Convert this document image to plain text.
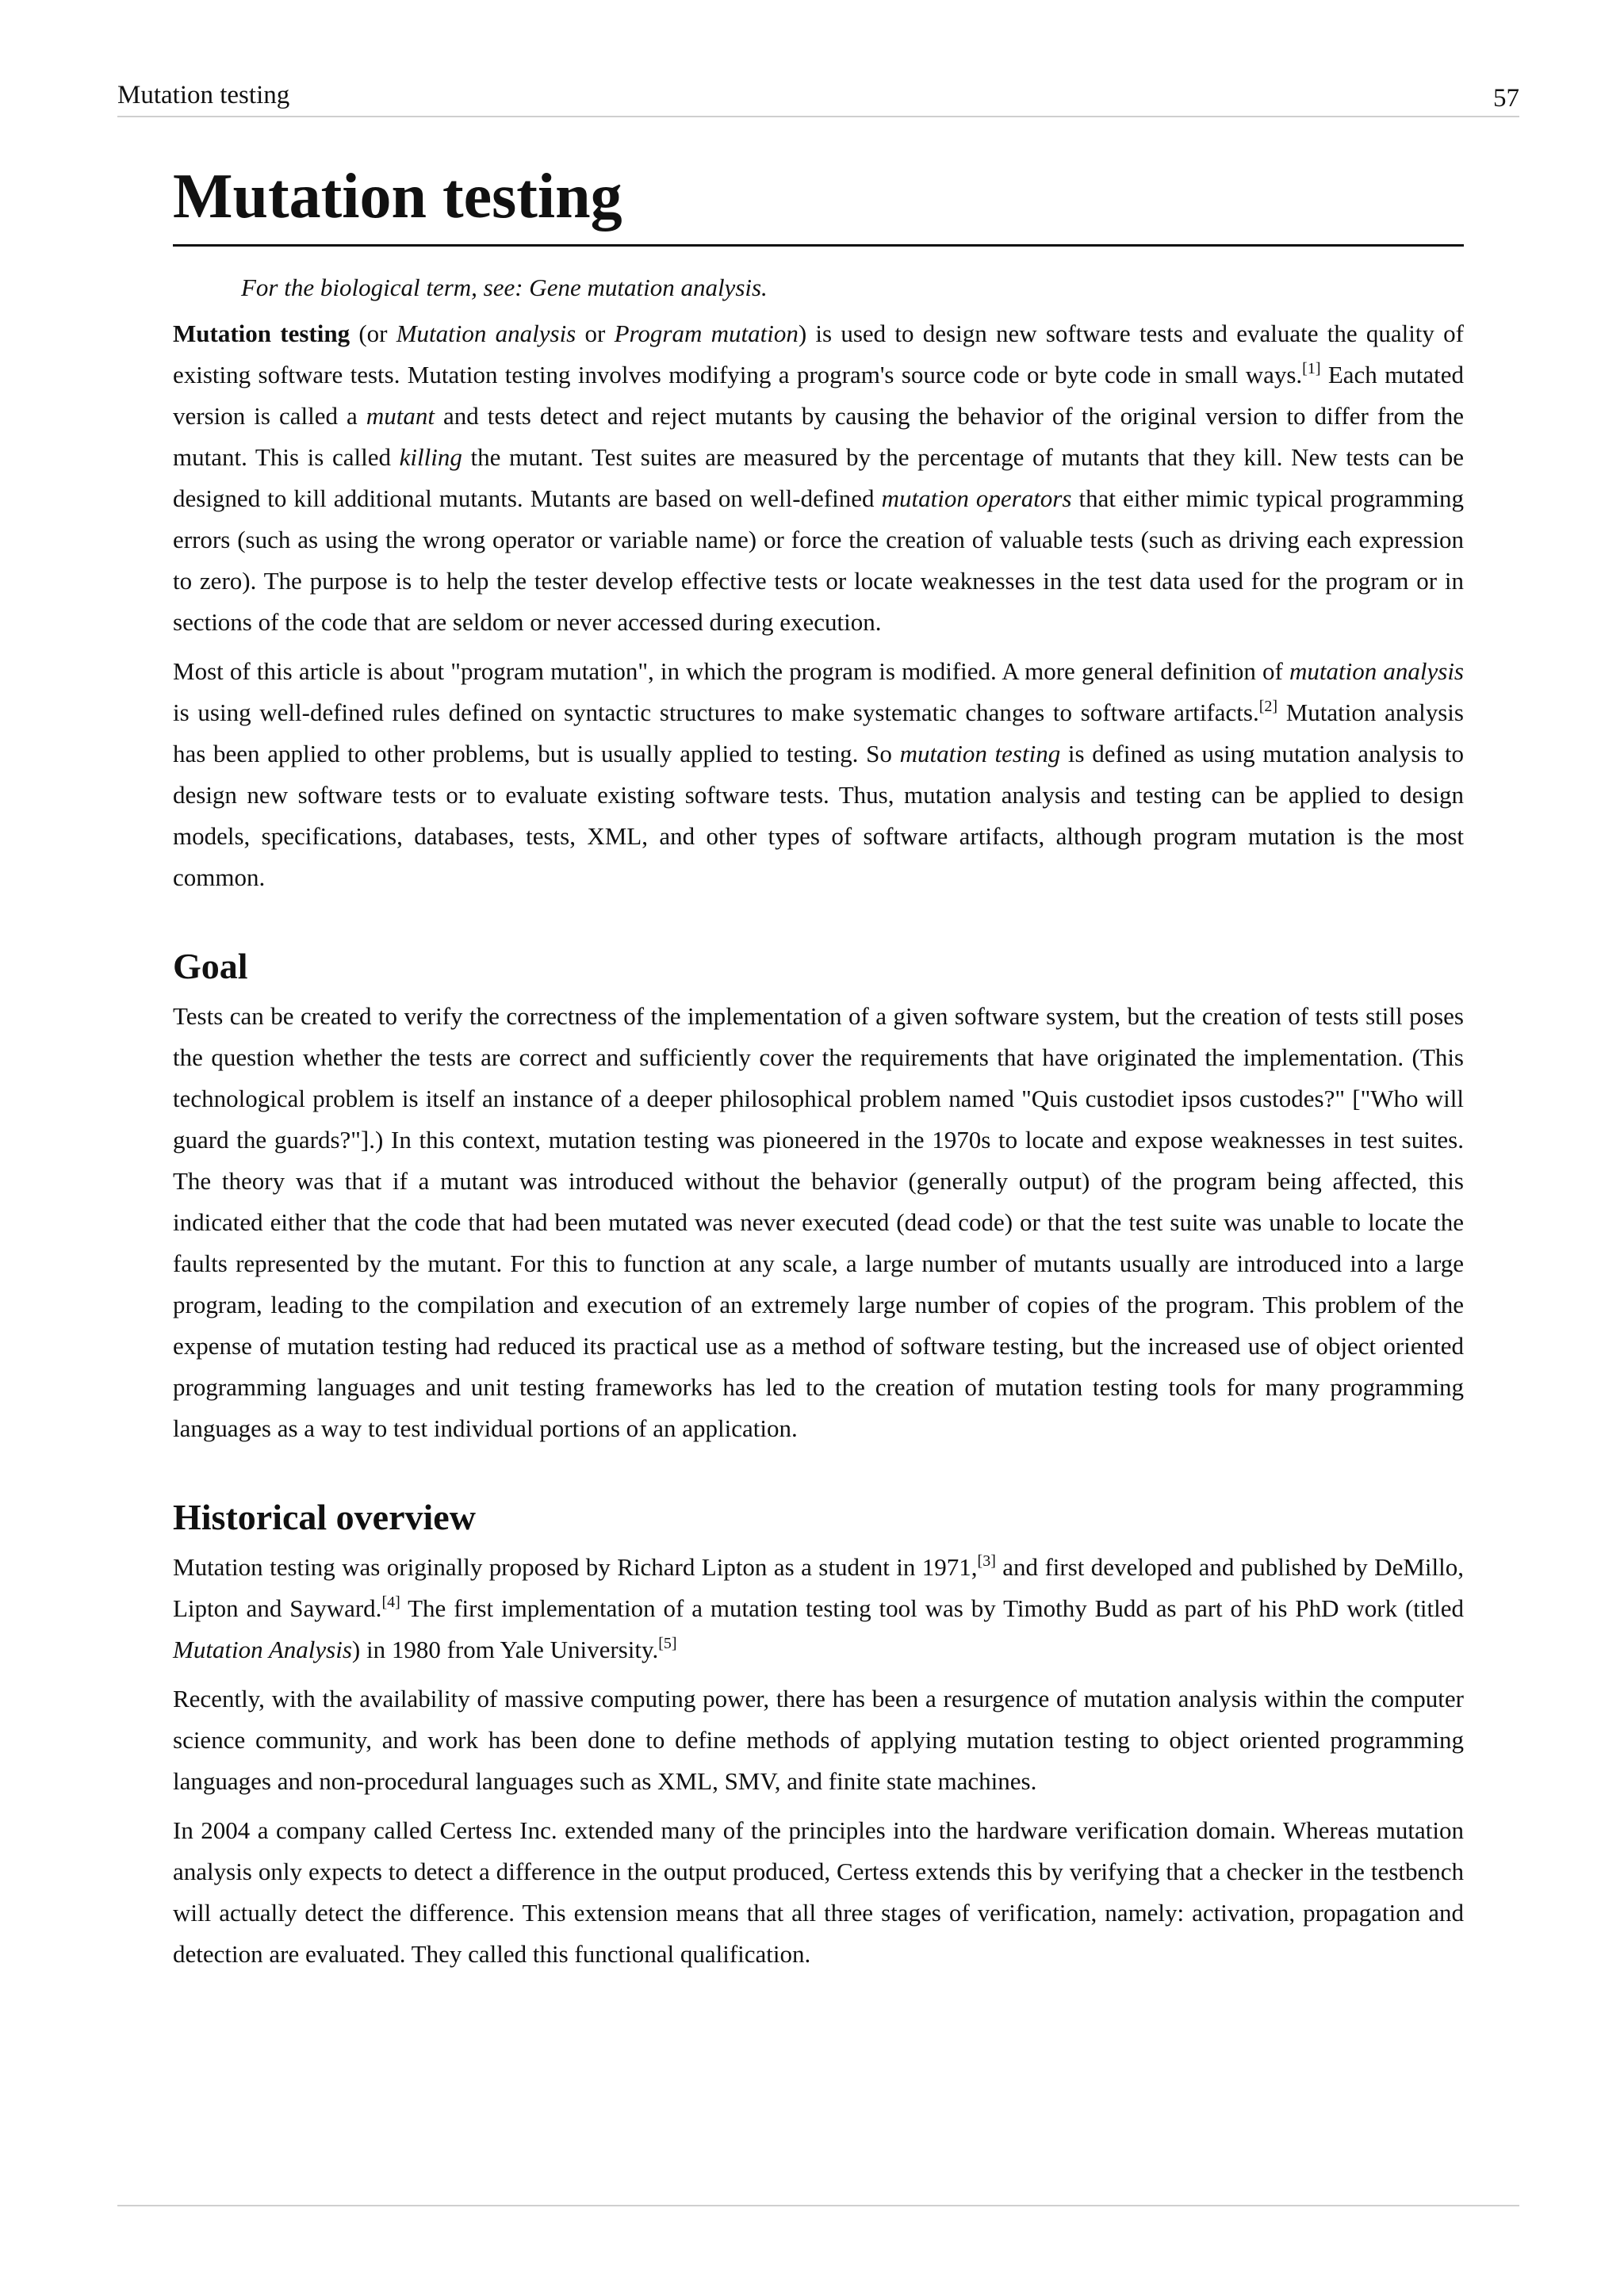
Mutation testing	57
Mutation testing
For the biological term, see: Gene mutation analysis.

Mutation testing (or Mutation analysis or Program mutation) is used to design new software tests and evaluate the quality of existing software tests. Mutation testing involves modifying a program's source code or byte code in small ways.[1] Each mutated version is called a mutant and tests detect and reject mutants by causing the behavior of the original version to differ from the mutant. This is called killing the mutant. Test suites are measured by the percentage of mutants that they kill. New tests can be designed to kill additional mutants. Mutants are based on well-defined mutation operators that either mimic typical programming errors (such as using the wrong operator or variable name) or force the creation of valuable tests (such as driving each expression to zero). The purpose is to help the tester develop effective tests or locate weaknesses in the test data used for the program or in sections of the code that are seldom or never accessed during execution.

Most of this article is about "program mutation", in which the program is modified. A more general definition of mutation analysis is using well-defined rules defined on syntactic structures to make systematic changes to software artifacts.[2] Mutation analysis has been applied to other problems, but is usually applied to testing. So mutation testing is defined as using mutation analysis to design new software tests or to evaluate existing software tests. Thus, mutation analysis and testing can be applied to design models, specifications, databases, tests, XML, and other types of software artifacts, although program mutation is the most common.

Goal

Tests can be created to verify the correctness of the implementation of a given software system, but the creation of tests still poses the question whether the tests are correct and sufficiently cover the requirements that have originated the implementation. (This technological problem is itself an instance of a deeper philosophical problem named "Quis custodiet ipsos custodes?" ["Who will guard the guards?"].) In this context, mutation testing was pioneered in the 1970s to locate and expose weaknesses in test suites. The theory was that if a mutant was introduced without the behavior (generally output) of the program being affected, this indicated either that the code that had been mutated was never executed (dead code) or that the test suite was unable to locate the faults represented by the mutant. For this to function at any scale, a large number of mutants usually are introduced into a large program, leading to the compilation and execution of an extremely large number of copies of the program. This problem of the expense of mutation testing had reduced its practical use as a method of software testing, but the increased use of object oriented programming languages and unit testing frameworks has led to the creation of mutation testing tools for many programming languages as a way to test individual portions of an application.

Historical overview

Mutation testing was originally proposed by Richard Lipton as a student in 1971,[3] and first developed and published by DeMillo, Lipton and Sayward.[4] The first implementation of a mutation testing tool was by Timothy Budd as part of his PhD work (titled Mutation Analysis) in 1980 from Yale University.[5]

Recently, with the availability of massive computing power, there has been a resurgence of mutation analysis within the computer science community, and work has been done to define methods of applying mutation testing to object oriented programming languages and non-procedural languages such as XML, SMV, and finite state machines.

In 2004 a company called Certess Inc. extended many of the principles into the hardware verification domain. Whereas mutation analysis only expects to detect a difference in the output produced, Certess extends this by verifying that a checker in the testbench will actually detect the difference. This extension means that all three stages of verification, namely: activation, propagation and detection are evaluated. They called this functional qualification.
